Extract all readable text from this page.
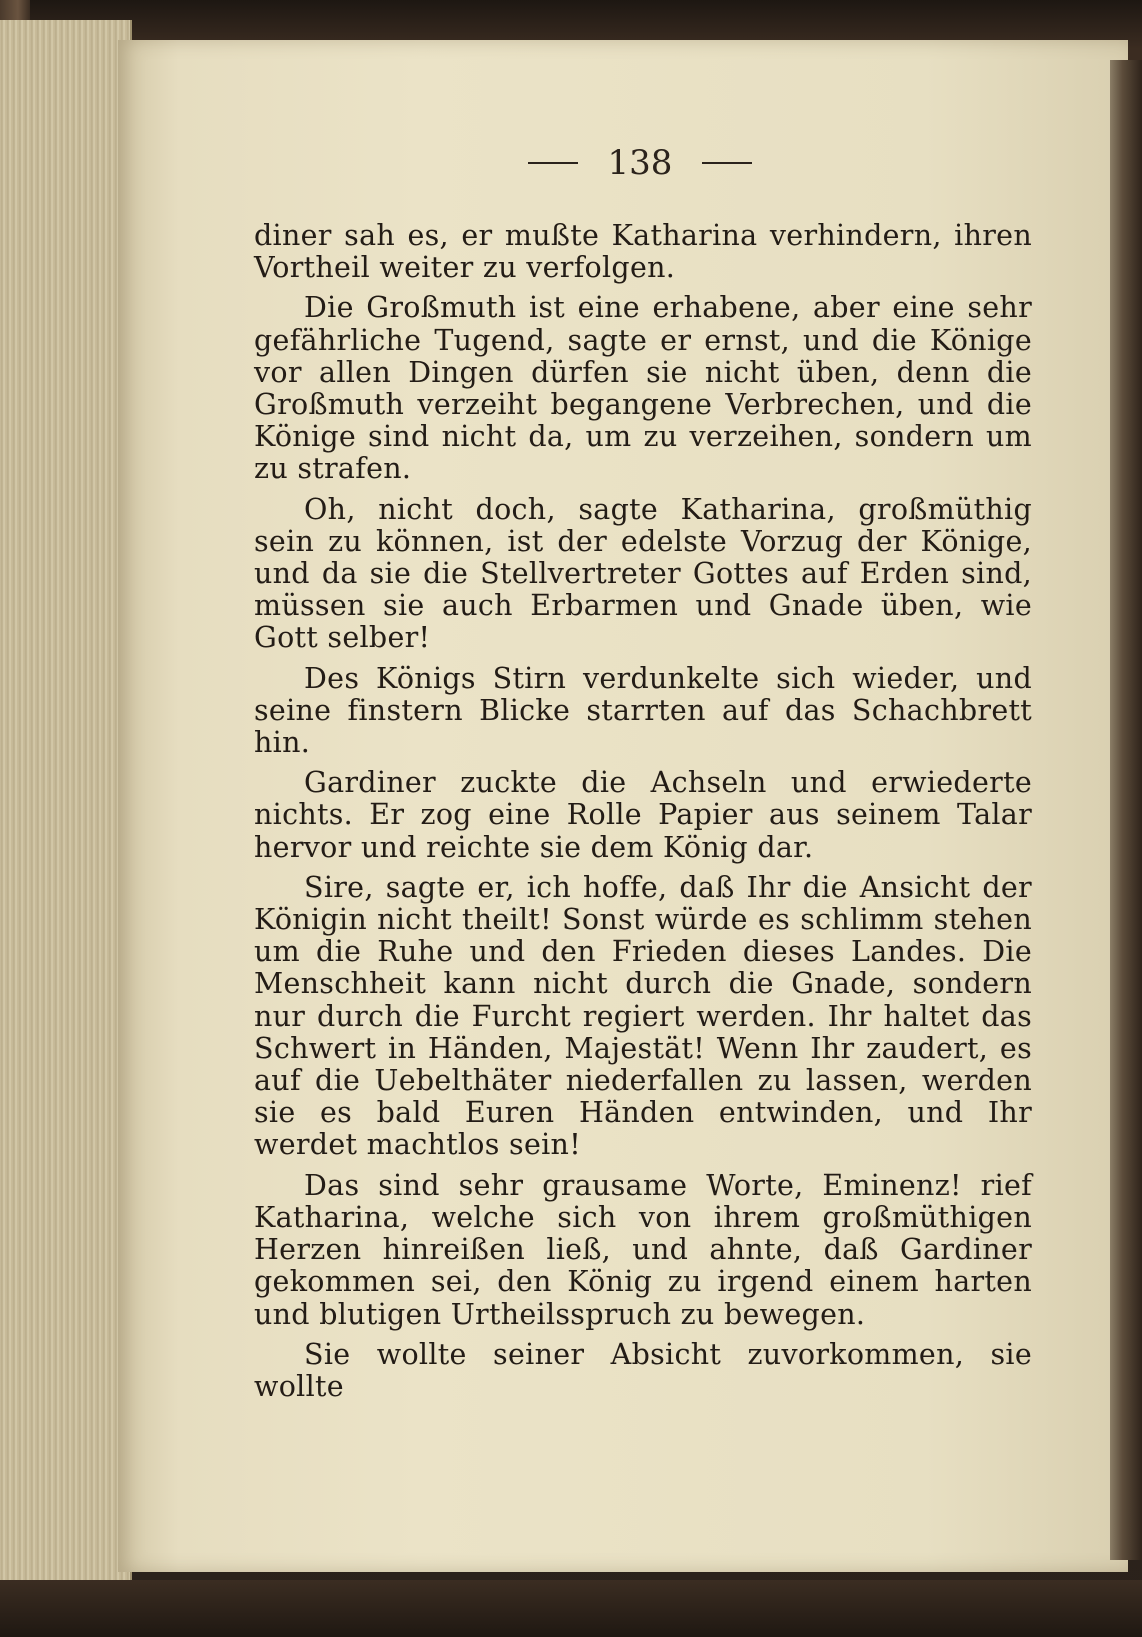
138

diner sah es, er mußte Katharina verhindern, ihren Vortheil weiter zu verfolgen.

Die Großmuth ist eine erhabene, aber eine sehr gefährliche Tugend, sagte er ernst, und die Könige vor allen Dingen dürfen sie nicht üben, denn die Großmuth verzeiht begangene Verbrechen, und die Könige sind nicht da, um zu verzeihen, sondern um zu strafen.

Oh, nicht doch, sagte Katharina, großmüthig sein zu können, ist der edelste Vorzug der Könige, und da sie die Stellvertreter Gottes auf Erden sind, müssen sie auch Erbarmen und Gnade üben, wie Gott selber!

Des Königs Stirn verdunkelte sich wieder, und seine finstern Blicke starrten auf das Schachbrett hin.

Gardiner zuckte die Achseln und erwiederte nichts. Er zog eine Rolle Papier aus seinem Talar hervor und reichte sie dem König dar.

Sire, sagte er, ich hoffe, daß Ihr die Ansicht der Königin nicht theilt! Sonst würde es schlimm stehen um die Ruhe und den Frieden dieses Landes. Die Menschheit kann nicht durch die Gnade, sondern nur durch die Furcht regiert werden. Ihr haltet das Schwert in Händen, Majestät! Wenn Ihr zaudert, es auf die Uebelthäter niederfallen zu lassen, werden sie es bald Euren Händen entwinden, und Ihr werdet machtlos sein!

Das sind sehr grausame Worte, Eminenz! rief Katharina, welche sich von ihrem großmüthigen Herzen hinreißen ließ, und ahnte, daß Gardiner gekommen sei, den König zu irgend einem harten und blutigen Urtheilsspruch zu bewegen.

Sie wollte seiner Absicht zuvorkommen, sie wollte
